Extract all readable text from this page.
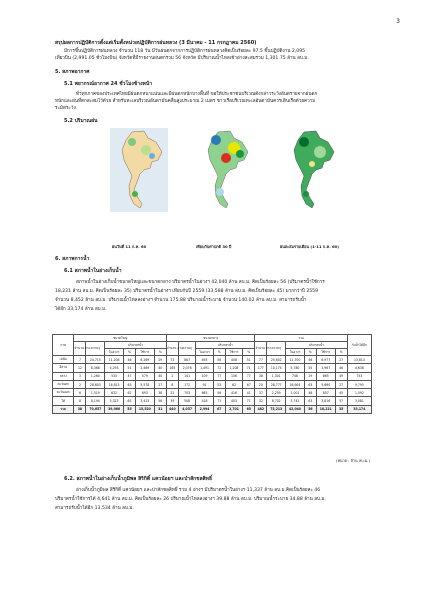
3
สรุปผลการปฏิบัติการตั้งแต่เริ่มตั้งหน่วยปฏิบัติการฝนหลวง (3 มีนาคม - 11 กรกฎาคม 2560)
มีการขึ้นปฏิบัติการฝนหลวง จำนวน 118 วัน มีวันฝนตกจากการปฏิบัติการฝนหลวงคิดเป็นร้อยละ 97.5 ขึ้นปฏิบัติงาน 2,095
เที่ยวบิน (2,991.05 ชั่วโมงบิน) จังหวัดที่มีรายงานฝนตกรวม 56 จังหวัด มีปริมาณน้ำไหลเข้าอ่างสะสมรวม 1,301.75 ล้าน ลบ.ม.
5. สภาพอากาศ
5.1 พยากรณ์อากาศ 24 ชั่วโมงข้างหน้า
ทั่วทุกภาคของประเทศไทยมีฝนตกหนาแน่นและมีฝนตกหนักบางพื้นที่ ขอให้ประชาชนบริเวณดังกล่าวระวังอันตรายจากฝนตก
หนักและฝนที่ตกสะสมไว้ด้วย สำหรับทะเลบริเวณอันดามันคลื่นสูงประมาณ 2 เมตร ชาวเรือบริเวณทะเลอันดามันควรเดินเรือด้วยความ
ระมัดระวัง
5.2 ปริมาณฝน
ฝนวันที่ 11 ก.ค. 60	เทียบกับค่าปกติ 30 ปี	ฝนสะสมรายเดือน (1-11 ก.ค. 60)
6. สภาพการน้ำ
6.1 สภาพน้ำในอ่างเก็บน้ำ
สภาพน้ำในอ่างเก็บน้ำขนาดใหญ่และขนาดกลาง ปริมาตรน้ำในอ่างฯ 42,040 ล้าน ลบ.ม. คิดเป็นร้อยละ 56 (ปริมาตรน้ำใช้การ
18,221 ล้าน ลบ.ม. คิดเป็นร้อยละ 35) ปริมาตรน้ำในอ่างฯ เทียบกับปี 2559 (33,588 ล้าน ลบ.ม. คิดเป็นร้อยละ 45) มากกว่าปี 2559
จำนวน 8,452 ล้าน ลบ.ม. ปริมาณน้ำไหลลงอ่างฯ จำนวน 175.88 ปริมาณน้ำระบาย จำนวน 140.02 ล้าน ลบ.ม. สามารถรับน้ำ
ได้อีก 33,174 ล้าน ลบ.ม.
ภาค	ขนาดใหญ่						ขนาดกลาง						รวม						รับน้ำได้อีก
	จำนวน อ่าง	ความจุ	ปริมาตรน้ำ				จำนวน อ่าง	ความจุ	ปริมาตรน้ำ				จำนวน อ่าง	ความจุ	ปริมาตรน้ำ				
			ในอ่างฯ	%	ใช้การ	%			ในอ่างฯ	%	ใช้การ	%			ในอ่างฯ	%	ใช้การ	%	
เหนือ	7	24,715	11,208	46	6,269	29	73	867	493	56	408	51	77	25,602	11,700	46	6,977	27	13,813
อีสาน	12	8,368	4,293	51	2,469	40	165	2,076	1,491	72	1,208	71	177	10,174	5,780	55	3,967	46	4,638
กลาง	3	1,260	533	47	579	40	2	141	109	77	106	77	38	1,301	748	29	665	49	753
ตะวันตก	2	28,603	16,813	63	5,578	27	8	172	91	53	62	67	20	28,777	16,904	63	5,660	27	9,795
ตะวันออก	6	1,519	632	62	693	38	31	703	663	56	416	41	37	2,259	1,001	48	857	45	1,092
ใต้	8	8,194	5,323	63	3,413	56	39	508	418	71	403	71	32	8,702	5,741	63	3,816	57	3,081
รวม	38	70,657	39,066	55	15,520	31	440	4,037	2,994	67	2,701	65	482	75,213	42,040	56	18,221	35	33,174
(หน่วย : ล้าน ลบ.ม.)
6.2. สภาพน้ำในอ่างเก็บน้ำภูมิพล สิริกิติ์ แควน้อยฯ และป่าสักชลสิทธิ์
อ่างเก็บน้ำภูมิพล สิริกิติ์ แควน้อยฯ และป่าสักชลสิทธิ์ รวม 4 อ่างฯ มีปริมาตรน้ำในอ่างฯ 11,337 ล้าน ลบ.ม.คิดเป็นร้อยละ 46
ปริมาตรน้ำใช้การได้ 4,641 ล้าน ลบ.ม. คิดเป็นร้อยละ 26 ปริมาณน้ำไหลลงอ่างฯ 39.88 ล้าน ลบ.ม. ปริมาณน้ำระบาย 34.88 ล้าน ลบ.ม.
สามารถรับน้ำได้อีก 13,534 ล้าน ลบ.ม.
